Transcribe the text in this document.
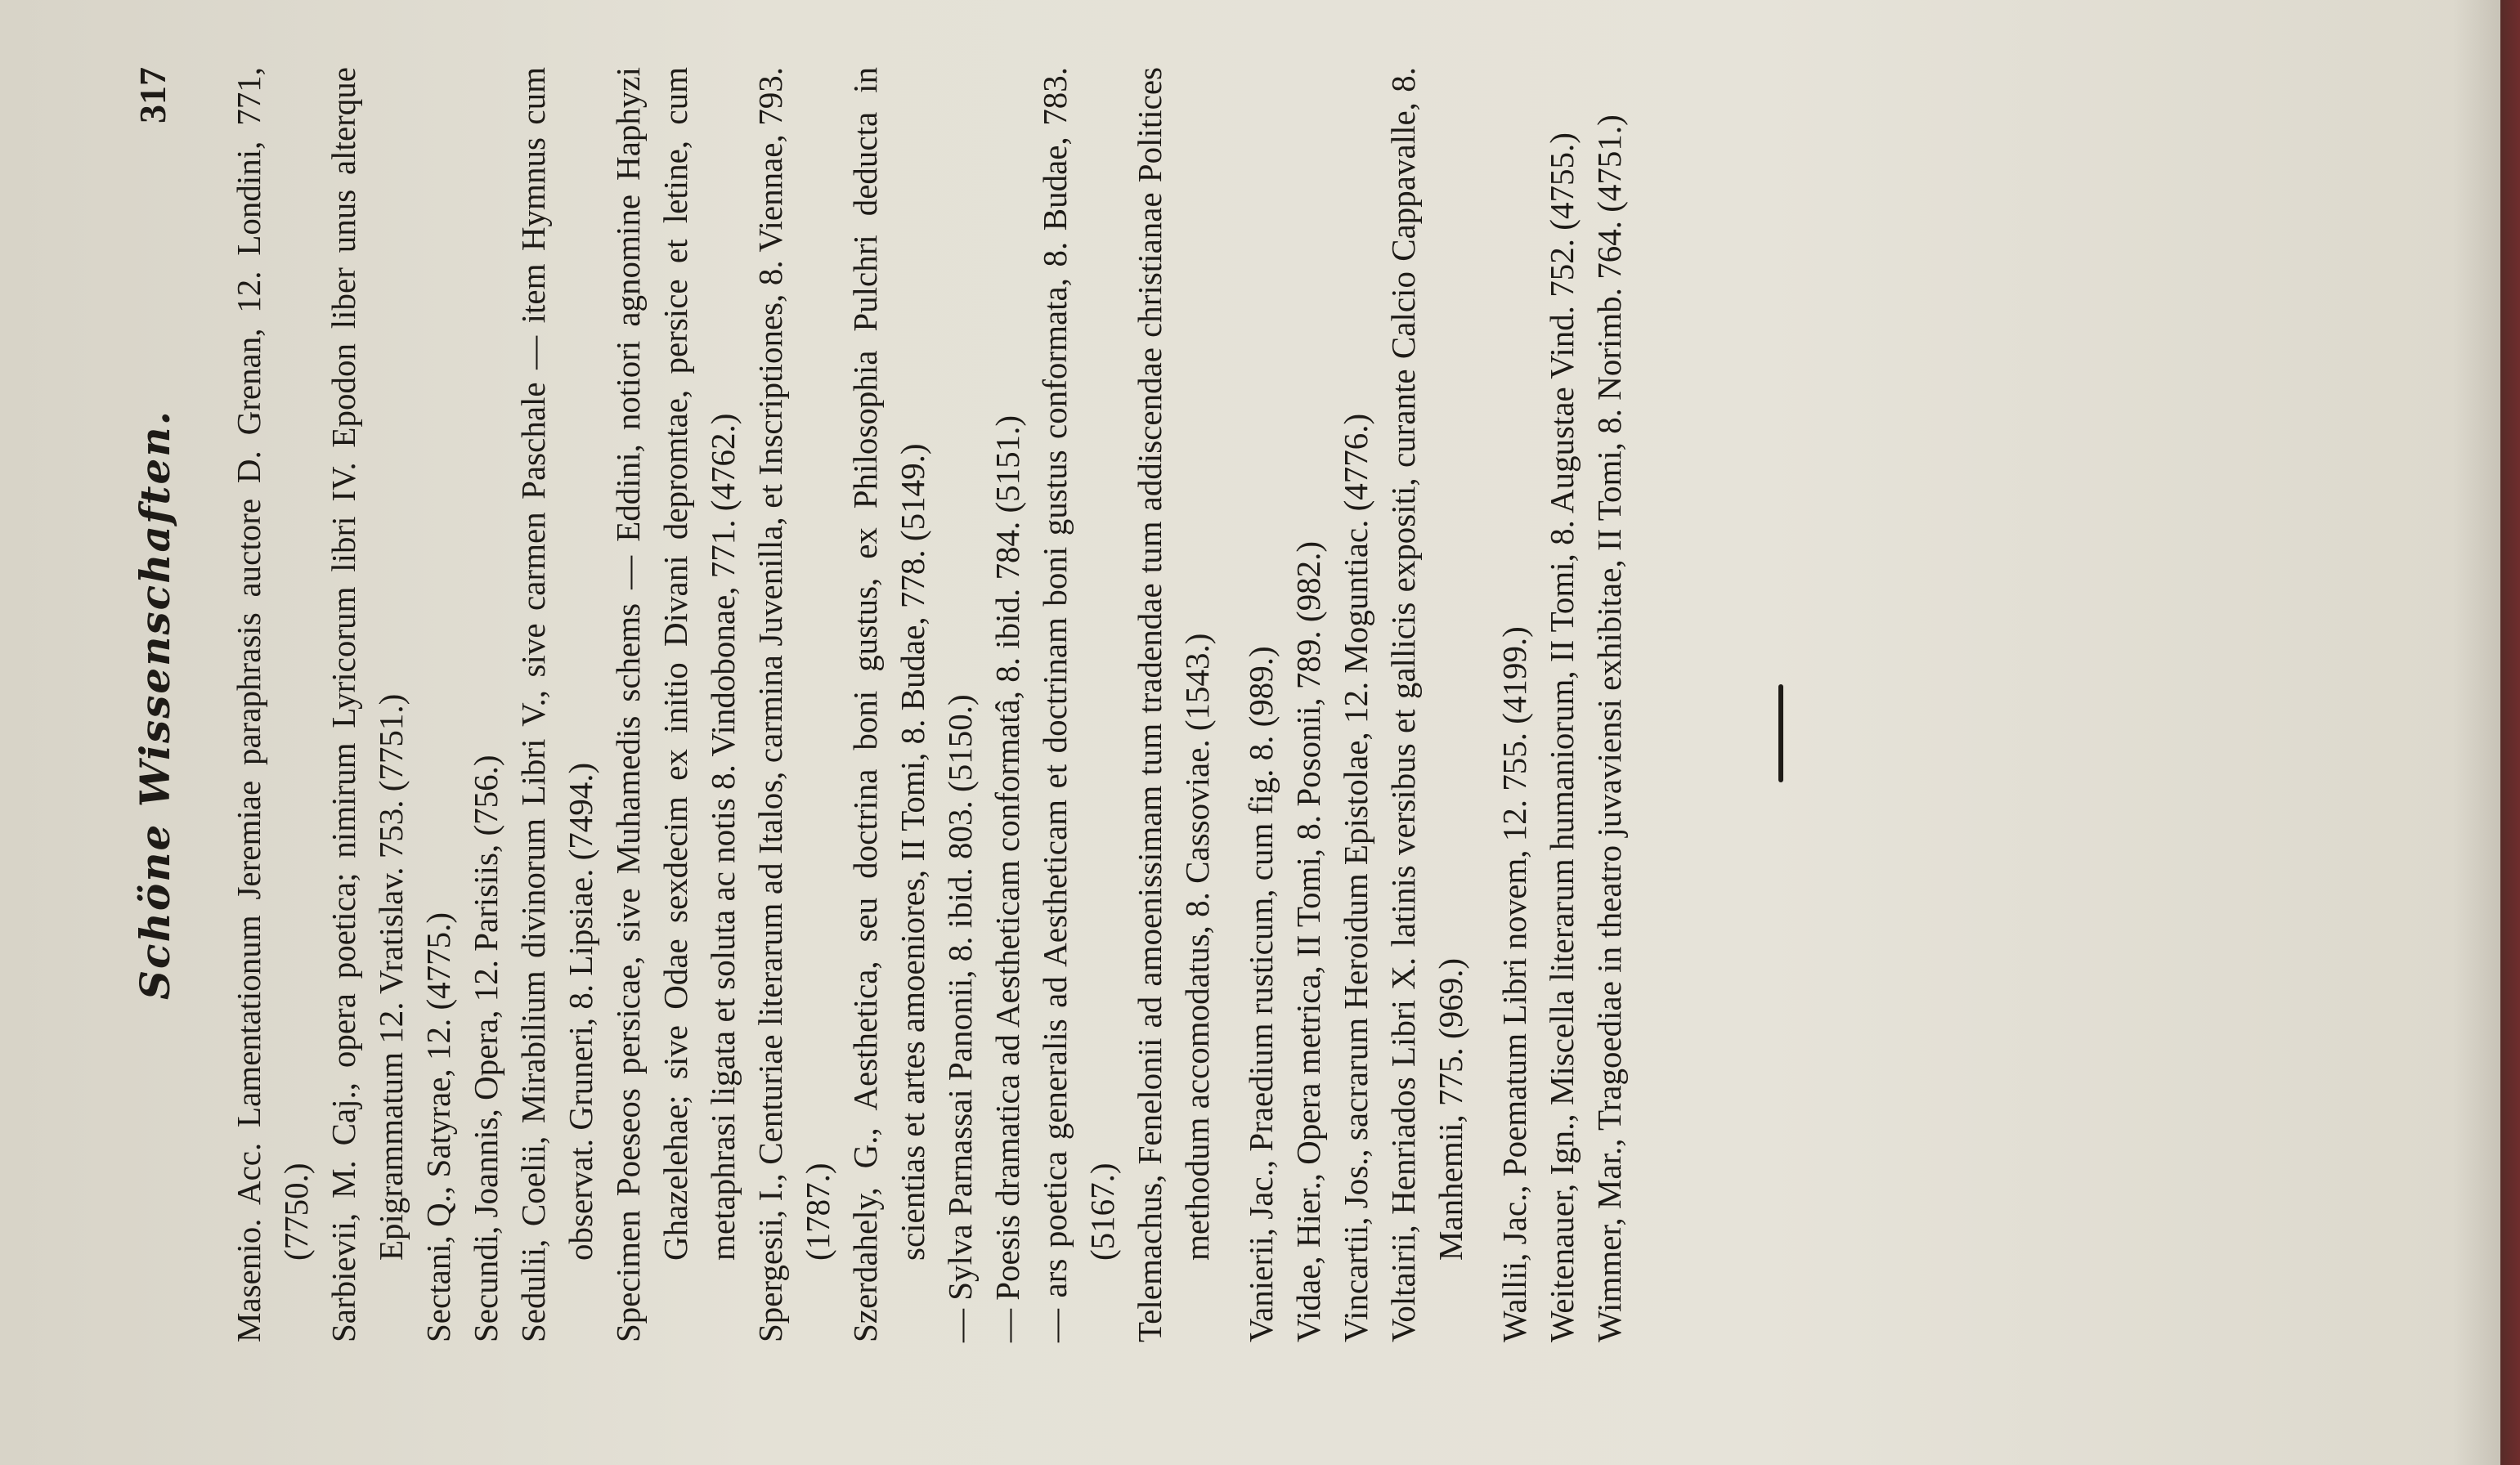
Schöne Wissenschaften.
317 Masenio. Acc. Lamentationum Jeremiae paraphrasis auctore D. Grenan, 12. Londini, 771, (7750.) Sarbievii, M. Caj., opera poetica; nimirum Lyricorum libri IV. Epodon liber unus alterque Epigrammatum 12. Vratislav. 753. (7751.) Sectani, Q., Satyrae, 12. (4775.) Secundi, Joannis, Opera, 12. Parisiis, (756.) Sedulii, Coelii, Mirabilium divinorum Libri V., sive carmen Paschale — item Hymnus cum observat. Gruneri, 8. Lipsiae. (7494.) Specimen Poeseos persicae, sive Muhamedis schems — Eddini, notiori agnomine Haphyzi Ghazelehae; sive Odae sexdecim ex initio Divani depromtae, persice et letine, cum metaphrasi ligata et soluta ac notis 8. Vindobonae, 771. (4762.) Spergesii, I., Centuriae literarum ad Italos, carmina Juvenilla, et Inscriptiones, 8. Viennae, 793. (1787.) Szerdahely, G., Aesthetica, seu doctrina boni gustus, ex Philosophia Pulchri deducta in scientias et artes amoeniores, II Tomi, 8. Budae, 778. (5149.) — Sylva Parnassai Panonii, 8. ibid. 803. (5150.) — Poesis dramatica ad Aestheticam conformatâ, 8. ibid. 784. (5151.) — ars poetica generalis ad Aestheticam et doctrinam boni gustus conformata, 8. Budae, 783. (5167.) Telemachus, Fenelonii ad amoenissimam tum tradendae tum addiscendae christianae Politices methodum accomodatus, 8. Cassoviae. (1543.) Vanierii, Jac., Praedium rusticum, cum fig. 8. (989.) Vidae, Hier., Opera metrica, II Tomi, 8. Posonii, 789. (982.) Vincartii, Jos., sacrarum Heroidum Epistolae, 12. Moguntiac. (4776.) Voltairii, Henriados Libri X. latinis versibus et gallicis expositi, curante Calcio Cappavalle, 8. Manhemii, 775. (969.) Wallii, Jac., Poematum Libri novem, 12. 755. (4199.) Weitenauer, Ign., Miscella literarum humaniorum, II Tomi, 8. Augustae Vind. 752. (4755.) Wimmer, Mar., Tragoediae in theatro juvaviensi exhibitae, II Tomi, 8. Norimb. 764. (4751.)
